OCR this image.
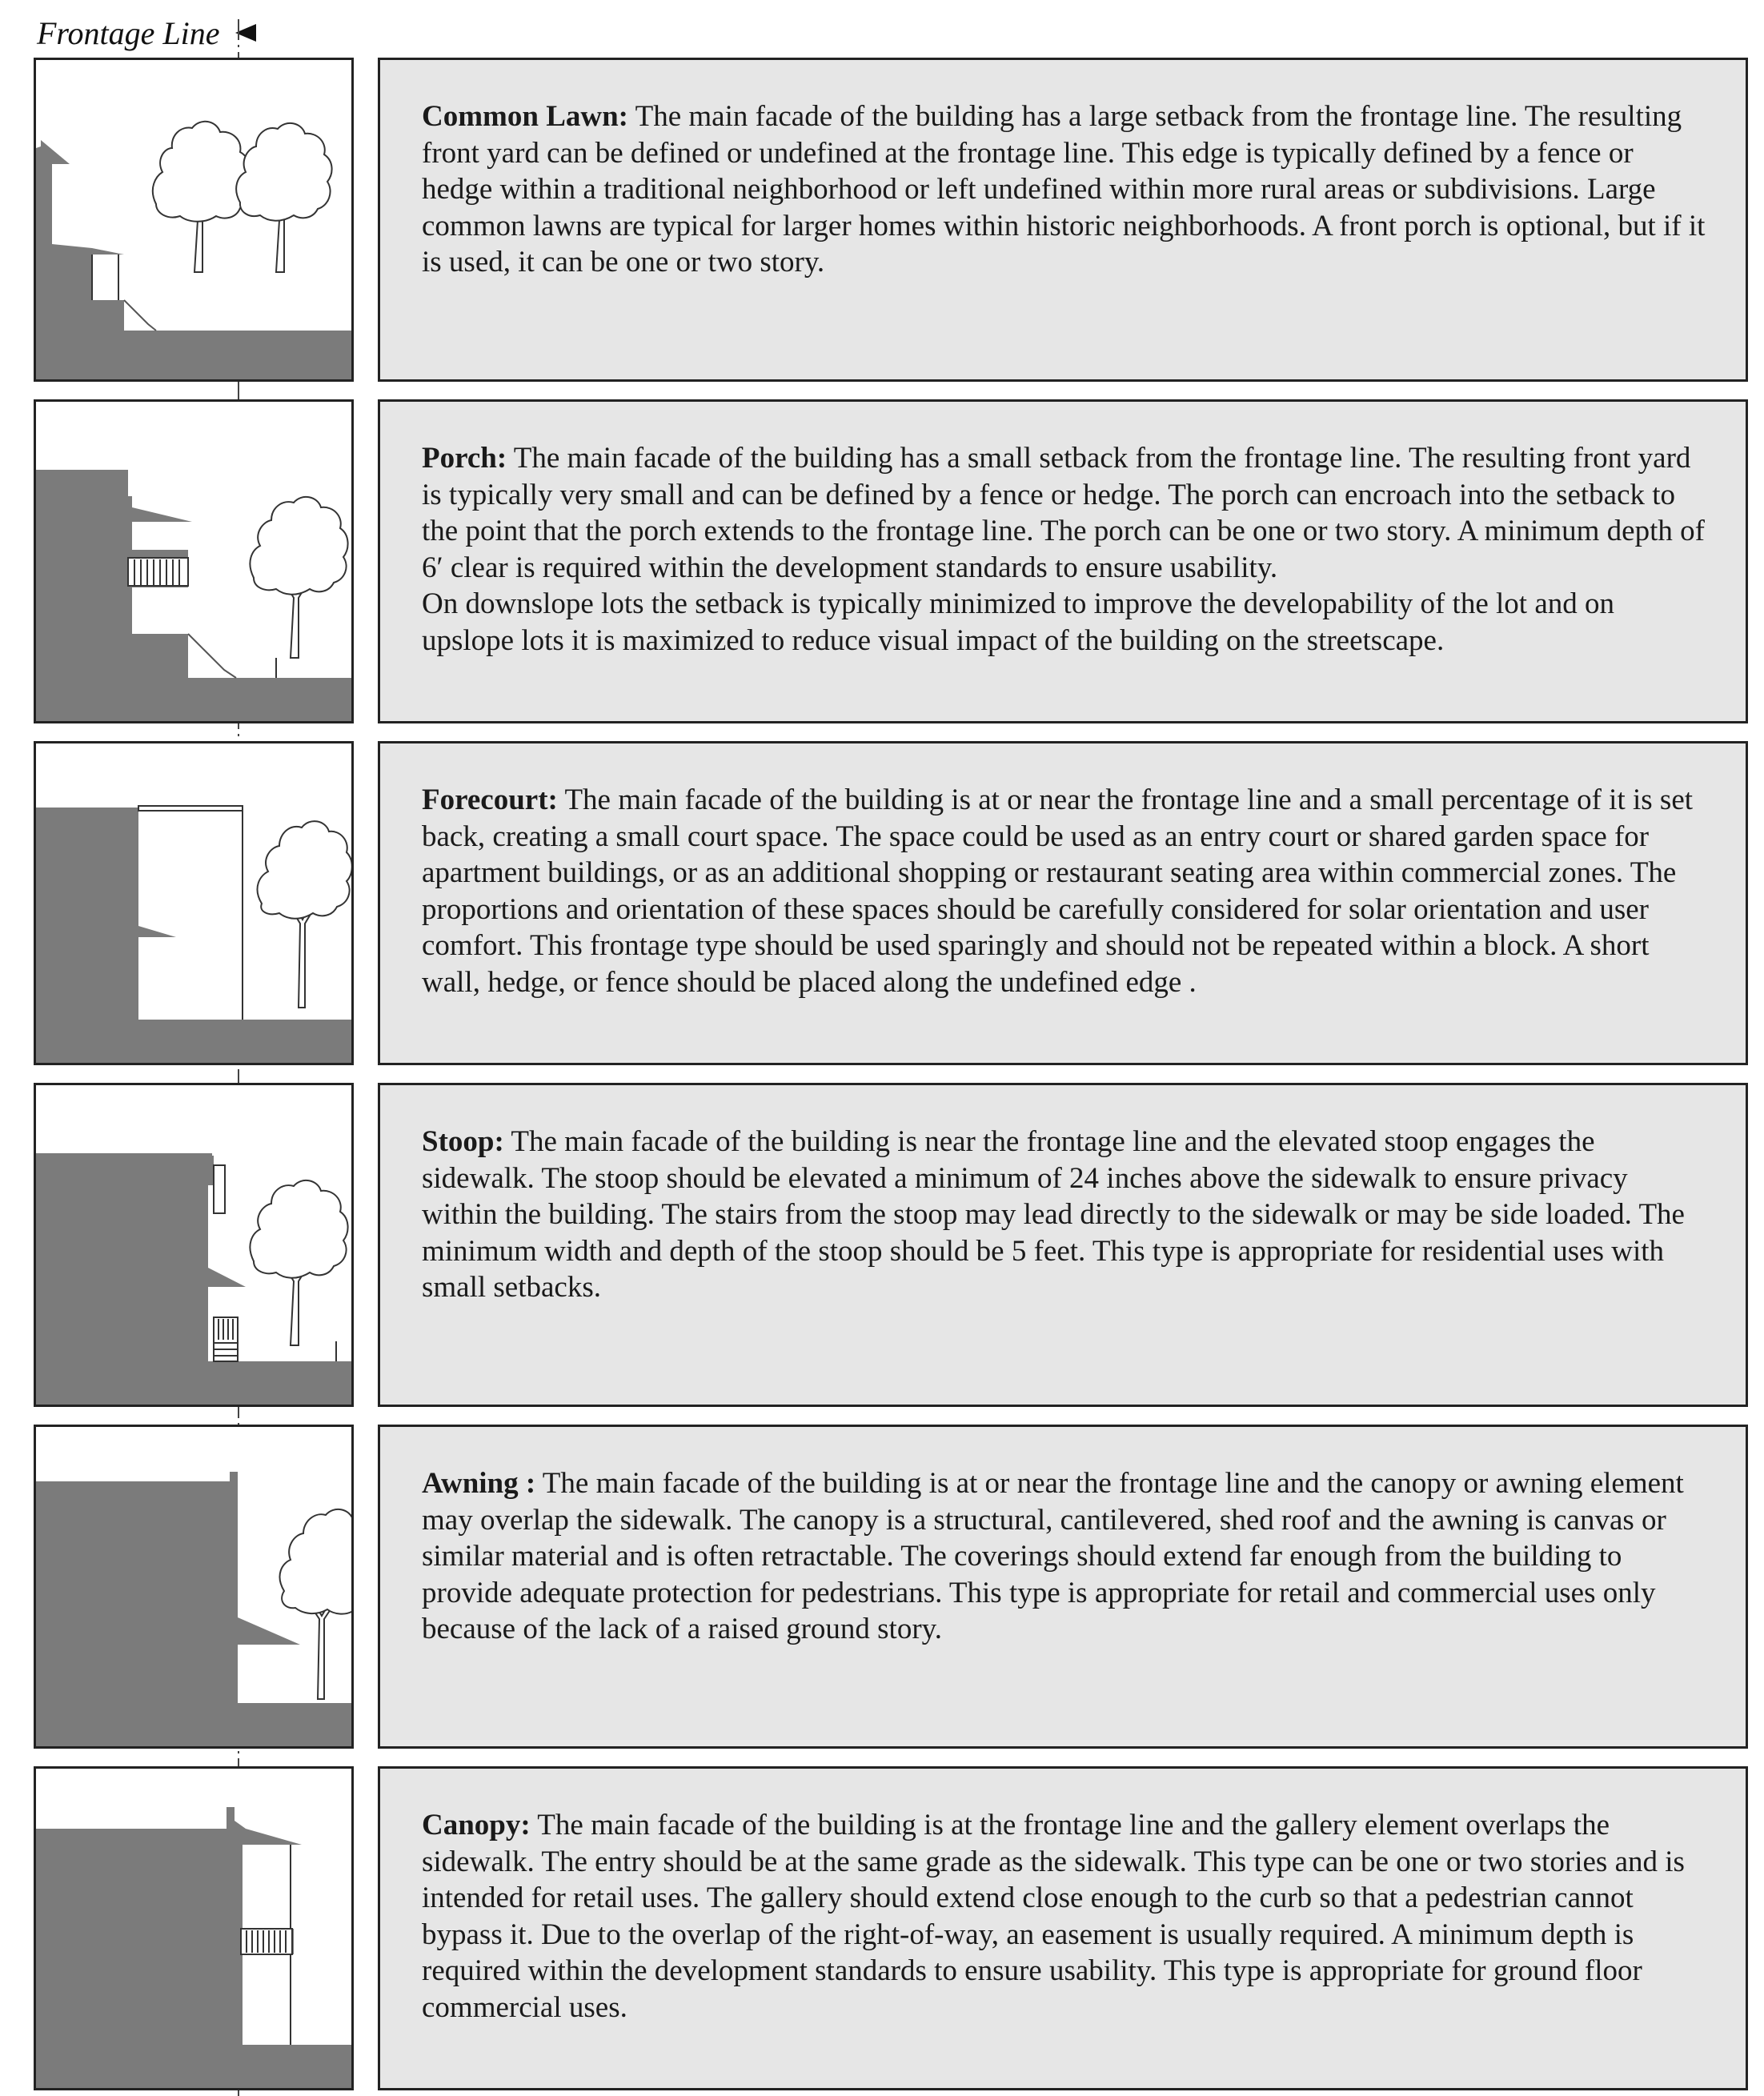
Frontage Line

Common Lawn: The main facade of the building has a large setback from the frontage line. The resulting front yard can be defined or undefined at the frontage line. This edge is typically defined by a fence or hedge within a traditional neighborhood or left undefined within more rural areas or subdivisions. Large common lawns are typical for larger homes within historic neighborhoods. A front porch is optional, but if it is used, it can be one or two story.

Porch: The main facade of the building has a small setback from the frontage line. The resulting front yard is typically very small and can be defined by a fence or hedge. The porch can encroach into the setback to the point that the porch extends to the frontage line. The porch can be one or two story. A minimum depth of 6′ clear is required within the development standards to ensure usability.

On downslope lots the setback is typically minimized to improve the developability of the lot and on upslope lots it is maximized to reduce visual impact of the building on the streetscape.

Forecourt: The main facade of the building is at or near the frontage line and a small percentage of it is set back, creating a small court space. The space could be used as an entry court or shared garden space for apartment buildings, or as an additional shopping or restaurant seating area within commercial zones. The proportions and orientation of these spaces should be carefully considered for solar orientation and user comfort. This frontage type should be used sparingly and should not be repeated within a block. A short wall, hedge, or fence should be placed along the undefined edge .

Stoop: The main facade of the building is near the frontage line and the elevated stoop engages the sidewalk. The stoop should be elevated a minimum of 24 inches above the sidewalk to ensure privacy within the building. The stairs from the stoop may lead directly to the sidewalk or may be side loaded. The minimum width and depth of the stoop should be 5 feet. This type is appropriate for residential uses with small setbacks.

Awning : The main facade of the building is at or near the frontage line and the canopy or awning element may overlap the sidewalk. The canopy is a structural, cantilevered, shed roof and the awning is canvas or similar material and is often retractable. The coverings should extend far enough from the building to provide adequate protection for pedestrians. This type is appropriate for retail and commercial uses only because of the lack of a raised ground story.

Canopy: The main facade of the building is at the frontage line and the gallery element overlaps the sidewalk. The entry should be at the same grade as the sidewalk. This type can be one or two stories and is intended for retail uses. The gallery should extend close enough to the curb so that a pedestrian cannot bypass it. Due to the overlap of the right-of-way, an easement is usually required. A minimum depth is required within the development standards to ensure usability. This type is appropriate for ground floor commercial uses.
